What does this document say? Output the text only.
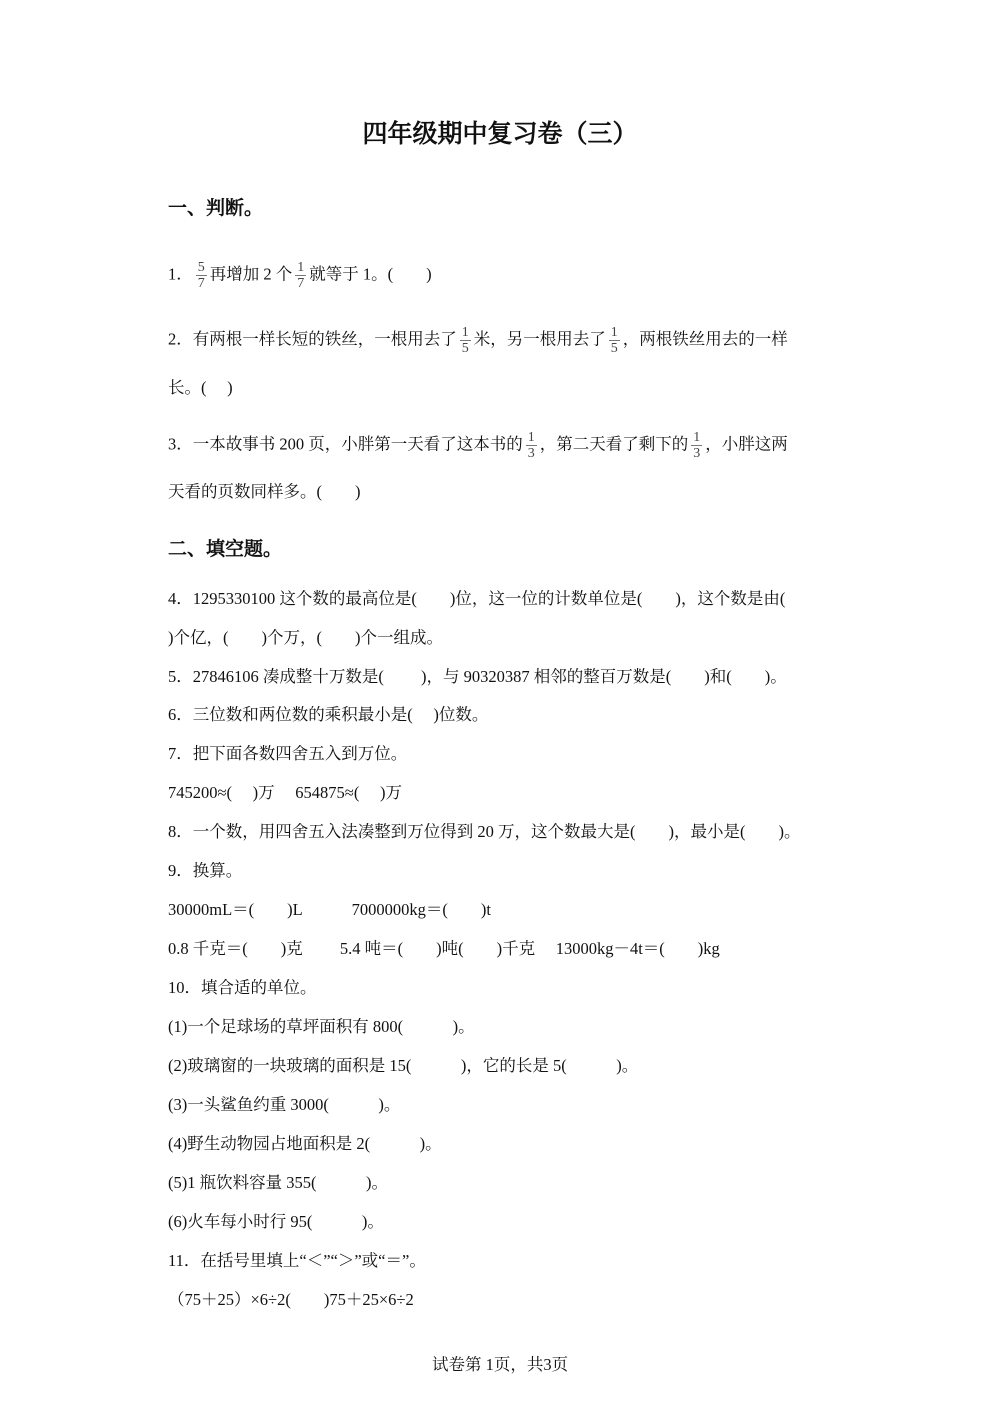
四年级期中复习卷（三）
一、判断。
1． $\frac{5}{7}$ 再增加 2 个 $\frac{1}{7}$ 就等于 1。(　　)
2．有两根一样长短的铁丝，一根用去了 $\frac{1}{5}$ 米，另一根用去了 $\frac{1}{5}$ ，两根铁丝用去的一样
长。(　 )
3．一本故事书 200 页，小胖第一天看了这本书的 $\frac{1}{3}$ ，第二天看了剩下的 $\frac{1}{3}$ ，小胖这两
天看的页数同样多。(　　)
二、填空题。
4．1295330100 这个数的最高位是(　　)位，这一位的计数单位是(　　)，这个数是由(
)个亿，(　　)个万，(　　)个一组成。
5．27846106 凑成整十万数是(　　 )，与 90320387 相邻的整百万数是(　　)和(　　)。
6．三位数和两位数的乘积最小是(　 )位数。
7．把下面各数四舍五入到万位。
745200≈(　 )万　 654875≈(　 )万
8．一个数，用四舍五入法凑整到万位得到 20 万，这个数最大是(　　)，最小是(　　)。
9．换算。
30000mL＝(　　)L　　　7000000kg＝(　　)t
0.8 千克＝(　　)克　　 5.4 吨＝(　　)吨(　　)千克　 13000kg－4t＝(　　)kg
10．填合适的单位。
(1)一个足球场的草坪面积有 800(　　　)。
(2)玻璃窗的一块玻璃的面积是 15(　　　)，它的长是 5(　　　)。
(3)一头鲨鱼约重 3000(　　　)。
(4)野生动物园占地面积是 2(　　　)。
(5)1 瓶饮料容量 355(　　　)。
(6)火车每小时行 95(　　　)。
11．在括号里填上“＜”“＞”或“＝”。
（75＋25）×6÷2(　　)75＋25×6÷2
试卷第 1页，共3页
